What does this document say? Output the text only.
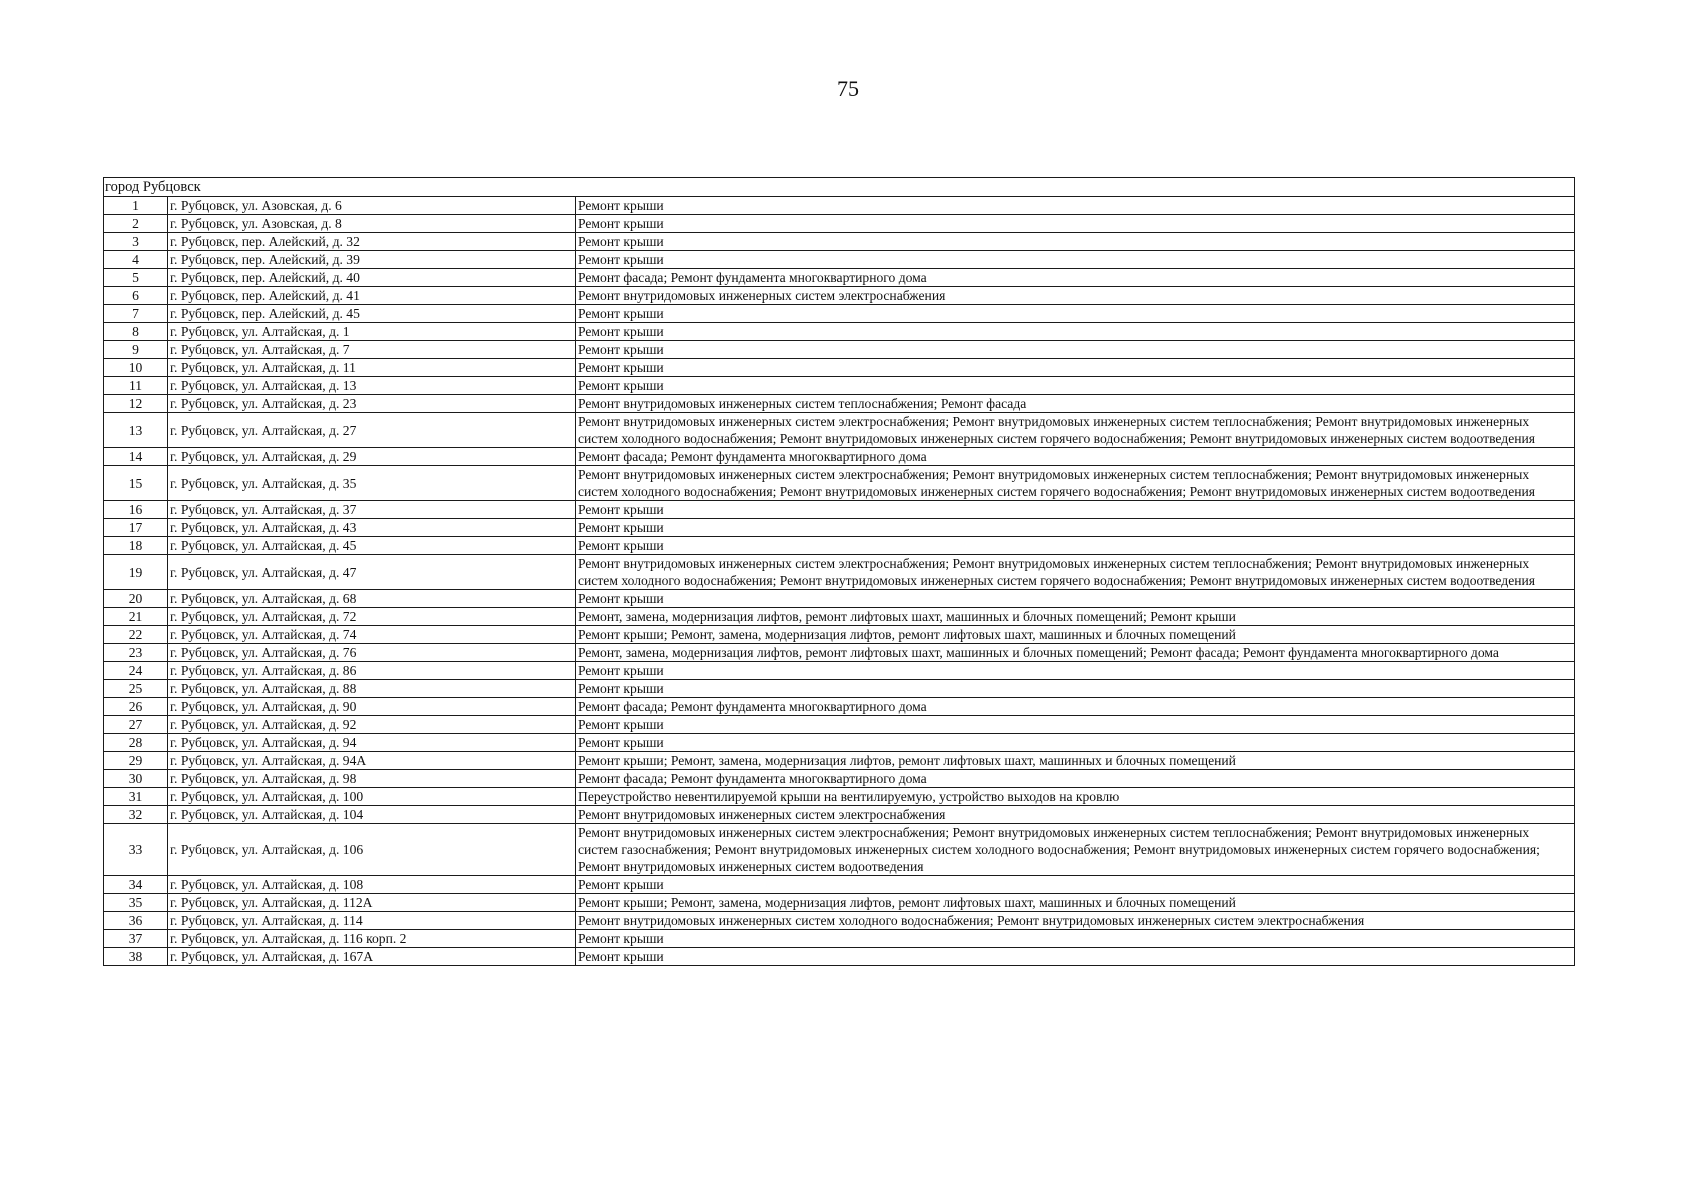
75
город Рубцовск		
1	г. Рубцовск, ул. Азовская, д. 6	Ремонт крыши
2	г. Рубцовск, ул. Азовская, д. 8	Ремонт крыши
3	г. Рубцовск, пер. Алейский, д. 32	Ремонт крыши
4	г. Рубцовск, пер. Алейский, д. 39	Ремонт крыши
5	г. Рубцовск, пер. Алейский, д. 40	Ремонт фасада; Ремонт фундамента многоквартирного дома
6	г. Рубцовск, пер. Алейский, д. 41	Ремонт внутридомовых инженерных систем электроснабжения
7	г. Рубцовск, пер. Алейский, д. 45	Ремонт крыши
8	г. Рубцовск, ул. Алтайская, д. 1	Ремонт крыши
9	г. Рубцовск, ул. Алтайская, д. 7	Ремонт крыши
10	г. Рубцовск, ул. Алтайская, д. 11	Ремонт крыши
11	г. Рубцовск, ул. Алтайская, д. 13	Ремонт крыши
12	г. Рубцовск, ул. Алтайская, д. 23	Ремонт внутридомовых инженерных систем теплоснабжения; Ремонт фасада
13	г. Рубцовск, ул. Алтайская, д. 27	Ремонт внутридомовых инженерных систем электроснабжения; Ремонт внутридомовых инженерных систем теплоснабжения; Ремонт внутридомовых инженерных систем холодного водоснабжения; Ремонт внутридомовых инженерных систем горячего водоснабжения; Ремонт внутридомовых инженерных систем водоотведения
14	г. Рубцовск, ул. Алтайская, д. 29	Ремонт фасада; Ремонт фундамента многоквартирного дома
15	г. Рубцовск, ул. Алтайская, д. 35	Ремонт внутридомовых инженерных систем электроснабжения; Ремонт внутридомовых инженерных систем теплоснабжения; Ремонт внутридомовых инженерных систем холодного водоснабжения; Ремонт внутридомовых инженерных систем горячего водоснабжения; Ремонт внутридомовых инженерных систем водоотведения
16	г. Рубцовск, ул. Алтайская, д. 37	Ремонт крыши
17	г. Рубцовск, ул. Алтайская, д. 43	Ремонт крыши
18	г. Рубцовск, ул. Алтайская, д. 45	Ремонт крыши
19	г. Рубцовск, ул. Алтайская, д. 47	Ремонт внутридомовых инженерных систем электроснабжения; Ремонт внутридомовых инженерных систем теплоснабжения; Ремонт внутридомовых инженерных систем холодного водоснабжения; Ремонт внутридомовых инженерных систем горячего водоснабжения; Ремонт внутридомовых инженерных систем водоотведения
20	г. Рубцовск, ул. Алтайская, д. 68	Ремонт крыши
21	г. Рубцовск, ул. Алтайская, д. 72	Ремонт, замена, модернизация лифтов, ремонт лифтовых шахт, машинных и блочных помещений; Ремонт крыши
22	г. Рубцовск, ул. Алтайская, д. 74	Ремонт крыши; Ремонт, замена, модернизация лифтов, ремонт лифтовых шахт, машинных и блочных помещений
23	г. Рубцовск, ул. Алтайская, д. 76	Ремонт, замена, модернизация лифтов, ремонт лифтовых шахт, машинных и блочных помещений; Ремонт фасада; Ремонт фундамента многоквартирного дома
24	г. Рубцовск, ул. Алтайская, д. 86	Ремонт крыши
25	г. Рубцовск, ул. Алтайская, д. 88	Ремонт крыши
26	г. Рубцовск, ул. Алтайская, д. 90	Ремонт фасада; Ремонт фундамента многоквартирного дома
27	г. Рубцовск, ул. Алтайская, д. 92	Ремонт крыши
28	г. Рубцовск, ул. Алтайская, д. 94	Ремонт крыши
29	г. Рубцовск, ул. Алтайская, д. 94А	Ремонт крыши; Ремонт, замена, модернизация лифтов, ремонт лифтовых шахт, машинных и блочных помещений
30	г. Рубцовск, ул. Алтайская, д. 98	Ремонт фасада; Ремонт фундамента многоквартирного дома
31	г. Рубцовск, ул. Алтайская, д. 100	Переустройство невентилируемой крыши на вентилируемую, устройство выходов на кровлю
32	г. Рубцовск, ул. Алтайская, д. 104	Ремонт внутридомовых инженерных систем электроснабжения
33	г. Рубцовск, ул. Алтайская, д. 106	Ремонт внутридомовых инженерных систем электроснабжения; Ремонт внутридомовых инженерных систем теплоснабжения; Ремонт внутридомовых инженерных систем газоснабжения; Ремонт внутридомовых инженерных систем холодного водоснабжения; Ремонт внутридомовых инженерных систем горячего водоснабжения; Ремонт внутридомовых инженерных систем водоотведения
34	г. Рубцовск, ул. Алтайская, д. 108	Ремонт крыши
35	г. Рубцовск, ул. Алтайская, д. 112А	Ремонт крыши; Ремонт, замена, модернизация лифтов, ремонт лифтовых шахт, машинных и блочных помещений
36	г. Рубцовск, ул. Алтайская, д. 114	Ремонт внутридомовых инженерных систем холодного водоснабжения; Ремонт внутридомовых инженерных систем электроснабжения
37	г. Рубцовск, ул. Алтайская, д. 116 корп. 2	Ремонт крыши
38	г. Рубцовск, ул. Алтайская, д. 167А	Ремонт крыши
